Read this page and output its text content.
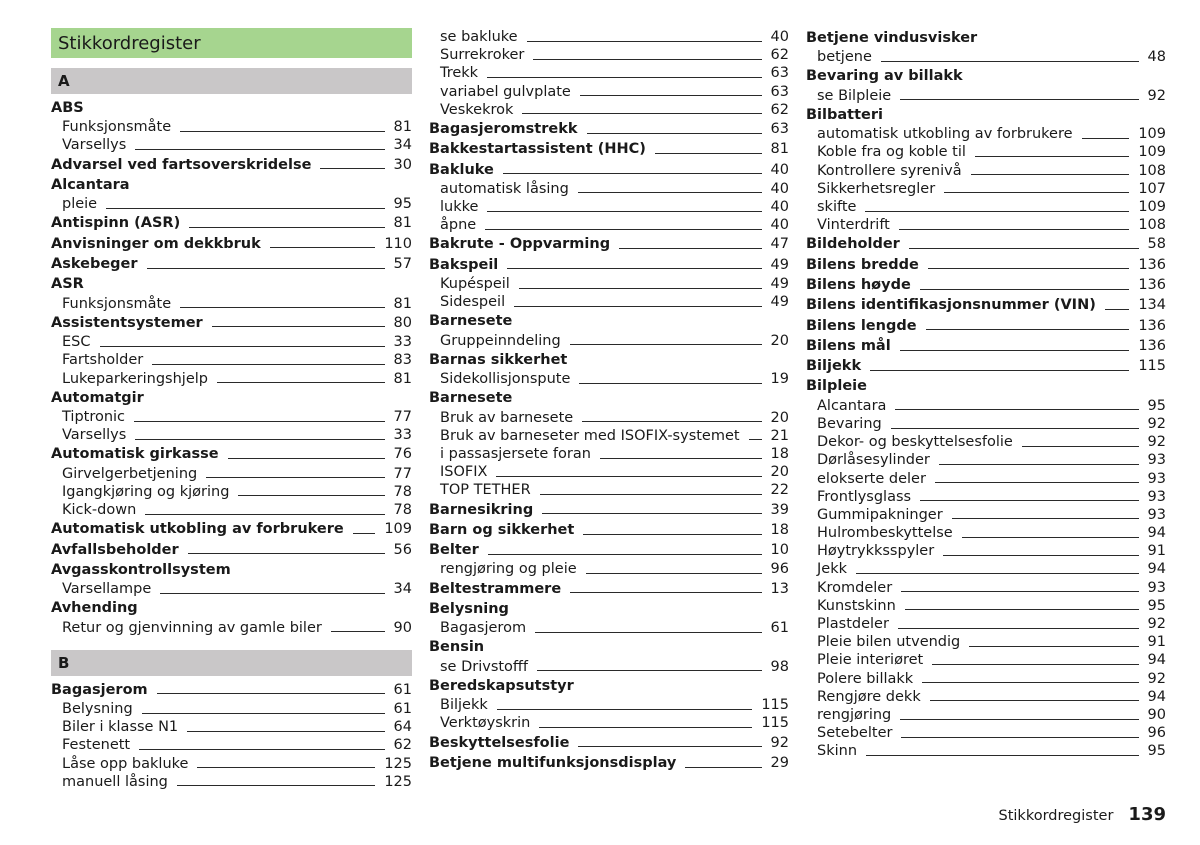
Stikkordregister
A
ABS
Funksjonsmåte	81
Varsellys	34
Advarsel ved fartsoverskridelse	30
Alcantara
pleie	95
Antispinn (ASR)	81
Anvisninger om dekkbruk	110
Askebeger	57
ASR
Funksjonsmåte	81
Assistentsystemer	80
ESC	33
Fartsholder	83
Lukeparkeringshjelp	81
Automatgir
Tiptronic	77
Varsellys	33
Automatisk girkasse	76
Girvelgerbetjening	77
Igangkjøring og kjøring	78
Kick-down	78
Automatisk utkobling av forbrukere	109
Avfallsbeholder	56
Avgasskontrollsystem
Varsellampe	34
Avhending
Retur og gjenvinning av gamle biler	90
B
Bagasjerom	61
Belysning	61
Biler i klasse N1	64
Festenett	62
Låse opp bakluke	125
manuell låsing	125
se bakluke	40
Surrekroker	62
Trekk	63
variabel gulvplate	63
Veskekrok	62
Bagasjeromstrekk	63
Bakkestartassistent (HHC)	81
Bakluke	40
automatisk låsing	40
lukke	40
åpne	40
Bakrute - Oppvarming	47
Bakspeil	49
Kupéspeil	49
Sidespeil	49
Barnesete
Gruppeinndeling	20
Barnas sikkerhet
Sidekollisjonspute	19
Barnesete
Bruk av barnesete	20
Bruk av barneseter med ISOFIX-systemet 21
i passasjersete foran	18
ISOFIX	20
TOP TETHER	22
Barnesikring	39
Barn og sikkerhet	18
Belter	10
rengjøring og pleie	96
Beltestrammere	13
Belysning
Bagasjerom	61
Bensin
se Drivstofff	98
Beredskapsutstyr
Biljekk	115
Verktøyskrin	115
Beskyttelsesfolie	92
Betjene multifunksjonsdisplay	29
Betjene vindusvisker
betjene	48
Bevaring av billakk
se Bilpleie	92
Bilbatteri
automatisk utkobling av forbrukere	109
Koble fra og koble til	109
Kontrollere syrenivå	108
Sikkerhetsregler	107
skifte	109
Vinterdrift	108
Bildeholder	58
Bilens bredde	136
Bilens høyde	136
Bilens identifikasjonsnummer (VIN)	134
Bilens lengde	136
Bilens mål	136
Biljekk	115
Bilpleie
Alcantara	95
Bevaring	92
Dekor- og beskyttelsesfolie	92
Dørlåsesylinder	93
elokserte deler	93
Frontlysglass	93
Gummipakninger	93
Hulrombeskyttelse	94
Høytrykksspyler	91
Jekk	94
Kromdeler	93
Kunstskinn	95
Plastdeler	92
Pleie bilen utvendig	91
Pleie interiøret	94
Polere billakk	92
Rengjøre dekk	94
rengjøring	90
Setebelter	96
Skinn	95
Stikkordregister 139
